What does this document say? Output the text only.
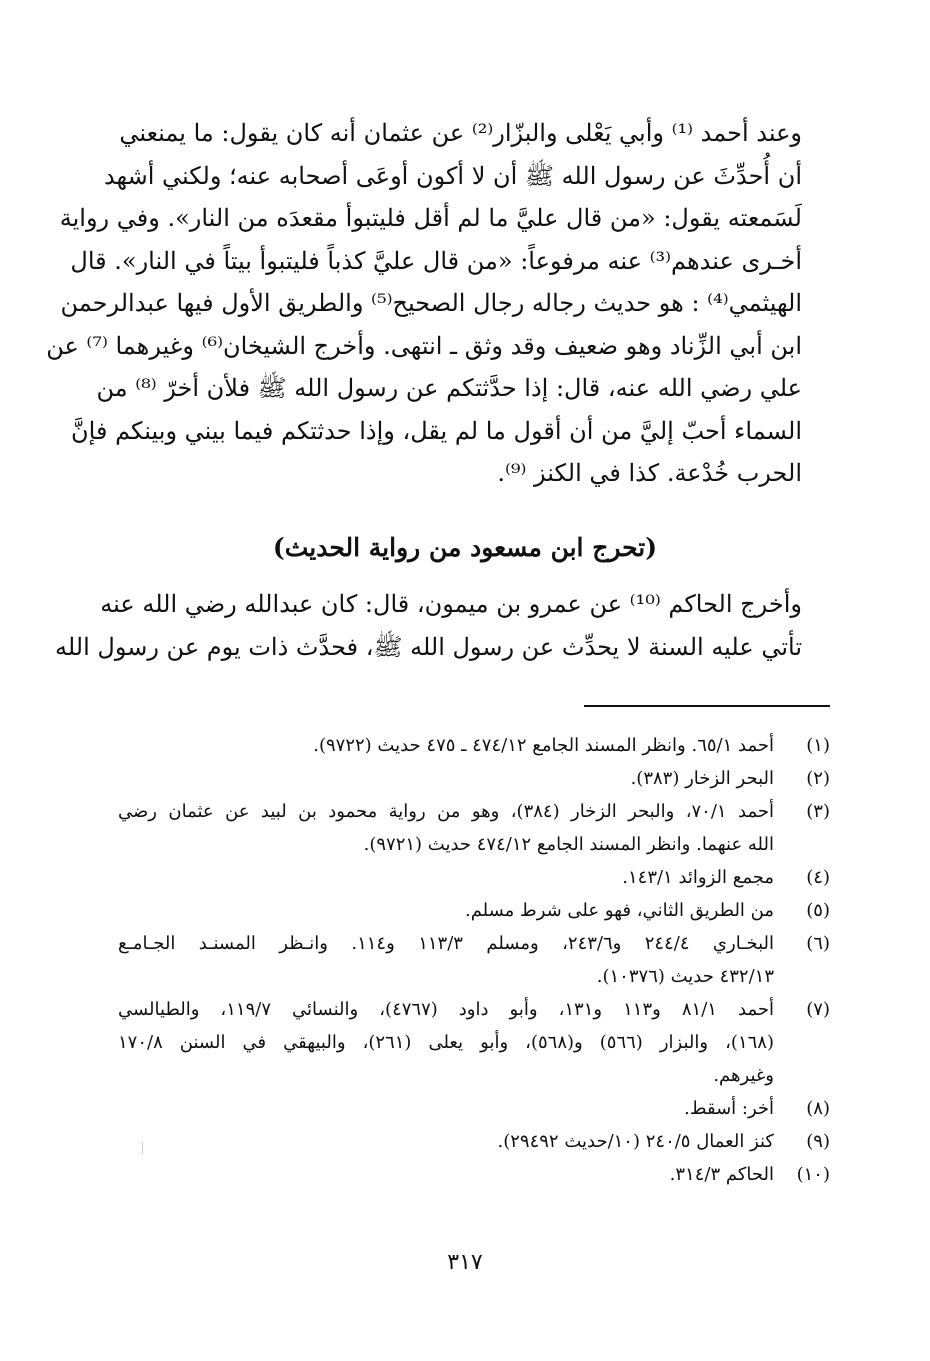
وعند أحمد ⁽¹⁾ وأبي يَعْلى والبزّار⁽²⁾ عن عثمان أنه كان يقول: ما يمنعني
أن أُحدِّثَ عن رسول الله ﷺ أن لا أكون أوعَى أصحابه عنه؛ ولكني أشهد
لَسَمعته يقول: «من قال عليَّ ما لم أقل فليتبوأ مقعدَه من النار». وفي رواية
أخـرى عندهم⁽³⁾ عنه مرفوعاً: «من قال عليَّ كذباً فليتبوأ بيتاً في النار». قال
الهيثمي⁽⁴⁾ : هو حديث رجاله رجال الصحيح⁽⁵⁾ والطريق الأول فيها عبدالرحمن
ابن أبي الزِّناد وهو ضعيف وقد وثق ـ انتهى. وأخرج الشيخان⁽⁶⁾ وغيرهما ⁽⁷⁾ عن
علي رضي الله عنه، قال: إذا حدَّثتكم عن رسول الله ﷺ فلأن أخرّ ⁽⁸⁾ من
السماء أحبّ إليَّ من أن أقول ما لم يقل، وإذا حدثتكم فيما بيني وبينكم فإنَّ
الحرب خُدْعة. كذا في الكنز ⁽⁹⁾.
(تحرج ابن مسعود من رواية الحديث)
وأخرج الحاكم ⁽¹⁰⁾ عن عمرو بن ميمون، قال: كان عبدالله رضي الله عنه
تأتي عليه السنة لا يحدِّث عن رسول الله ﷺ، فحدَّث ذات يوم عن رسول الله
(١)
أحمد ٦٥/١. وانظر المسند الجامع ٤٧٤/١٢ ـ ٤٧٥ حديث (٩٧٢٢).
(٢)
البحر الزخار (٣٨٣).
(٣)
أحمد ٧٠/١، والبحر الزخار (٣٨٤)، وهو من رواية محمود بن لبيد عن عثمان رضي
الله عنهما. وانظر المسند الجامع ٤٧٤/١٢ حديث (٩٧٢١).
(٤)
مجمع الزوائد ١٤٣/١.
(٥)
من الطريق الثاني، فهو على شرط مسلم.
(٦)
البخـاري ٢٤٤/٤ و٢٤٣/٦، ومسلم ١١٣/٣ و١١٤. وانـظر المسنـد الجـامـع
٤٣٢/١٣ حديث (١٠٣٧٦).
(٧)
أحمد ٨١/١ و١١٣ و١٣١، وأبو داود (٤٧٦٧)، والنسائي ١١٩/٧، والطيالسي
(١٦٨)، والبزار (٥٦٦) و(٥٦٨)، وأبو يعلى (٢٦١)، والبيهقي في السنن ١٧٠/٨
وغيرهم.
(٨)
أخر: أسقط.
(٩)
كنز العمال ٢٤٠/٥ (١٠/حديث ٢٩٤٩٢).
(١٠)
الحاكم ٣١٤/٣.
٣١٧
